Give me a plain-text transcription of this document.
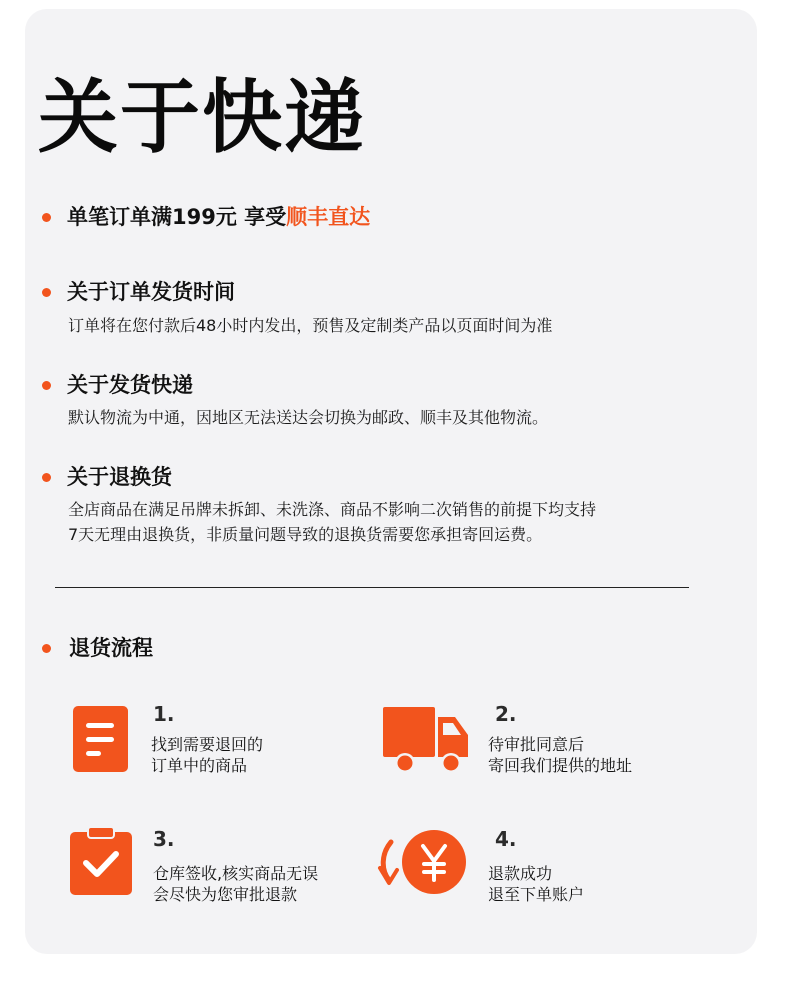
关于快递
单笔订单满199元 享受顺丰直达
关于订单发货时间
订单将在您付款后48小时内发出，预售及定制类产品以页面时间为准
关于发货快递
默认物流为中通，因地区无法送达会切换为邮政、顺丰及其他物流。
关于退换货
全店商品在满足吊牌未拆卸、未洗涤、商品不影响二次销售的前提下均支持
7天无理由退换货，非质量问题导致的退换货需要您承担寄回运费。
退货流程
1.
找到需要退回的
订单中的商品
2.
待审批同意后
寄回我们提供的地址
3.
仓库签收,核实商品无误
会尽快为您审批退款
4.
退款成功
退至下单账户
